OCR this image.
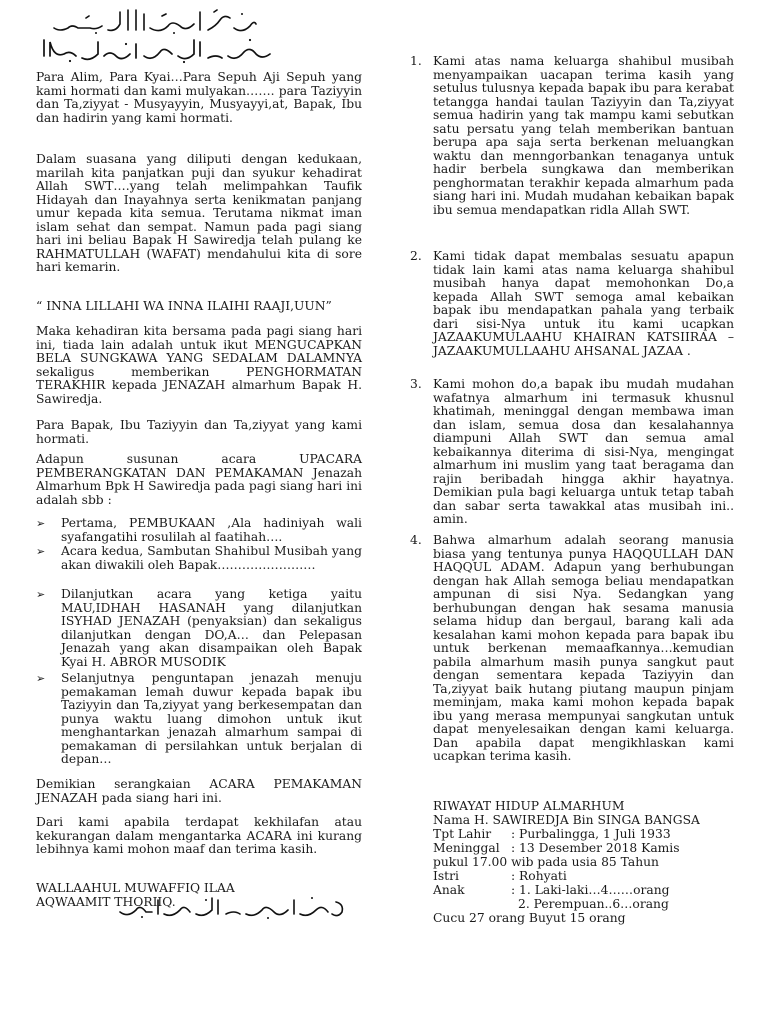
Para Alim, Para Kyai…Para Sepuh Aji Sepuh yang kami hormati dan kami mulyakan……. para Taziyyin dan Ta,ziyyat - Musyayyin, Musyayyi,at, Bapak, Ibu dan hadirin yang kami hormati.

Dalam suasana yang diliputi dengan kedukaan, marilah kita panjatkan puji dan syukur kehadirat Allah SWT….yang telah melimpahkan Taufik Hidayah dan Inayahnya serta kenikmatan panjang umur kepada kita semua. Terutama nikmat iman islam sehat dan sempat. Namun pada pagi siang hari ini beliau Bapak H Sawiredja telah pulang ke RAHMATULLAH (WAFAT) mendahului kita di sore hari kemarin.

“ INNA LILLAHI WA INNA ILAIHI RAAJI,UUN”

Maka kehadiran kita bersama pada pagi siang hari ini, tiada lain adalah untuk ikut MENGUCAPKAN BELA SUNGKAWA YANG SEDALAM DALAMNYA sekaligus memberikan PENGHORMATAN TERAKHIR kepada JENAZAH almarhum Bapak H. Sawiredja.

Para Bapak, Ibu Taziyyin dan Ta,ziyyat yang kami hormati.

Adapun susunan acara UPACARA PEMBERANGKATAN DAN PEMAKAMAN Jenazah Almarhum Bpk H Sawiredja pada pagi siang hari ini adalah sbb :

➢ Pertama, PEMBUKAAN ,Ala hadiniyah wali syafangatihi rosulilah al faatihah….

➢ Acara kedua, Sambutan Shahibul Musibah yang akan diwakili oleh Bapak……………………

➢ Dilanjutkan acara yang ketiga yaitu MAU,IDHAH HASANAH yang dilanjutkan ISYHAD JENAZAH (penyaksian) dan sekaligus dilanjutkan dengan DO,A… dan Pelepasan Jenazah yang akan disampaikan oleh Bapak Kyai H. ABROR MUSODIK

➢ Selanjutnya penguntapan jenazah menuju pemakaman lemah duwur kepada bapak ibu Taziyyin dan Ta,ziyyat yang berkesempatan dan punya waktu luang dimohon untuk ikut menghantarkan jenazah almarhum sampai di pemakaman di persilahkan untuk berjalan di depan…

Demikian serangkaian ACARA PEMAKAMAN JENAZAH pada siang hari ini.

Dari kami apabila terdapat kekhilafan atau kekurangan dalam mengantarka ACARA ini kurang lebihnya kami mohon maaf dan terima kasih.

WALLAAHUL MUWAFFIQ ILAA AQWAAMIT THORIIQ.

1. Kami atas nama keluarga shahibul musibah menyampaikan uacapan terima kasih yang setulus tulusnya kepada bapak ibu para kerabat tetangga handai taulan Taziyyin dan Ta,ziyyat semua hadirin yang tak mampu kami sebutkan satu persatu yang telah memberikan bantuan berupa apa saja serta berkenan meluangkan waktu dan menngorbankan tenaganya untuk hadir berbela sungkawa dan memberikan penghormatan terakhir kepada almarhum pada siang hari ini. Mudah mudahan kebaikan bapak ibu semua mendapatkan ridla Allah SWT.

2. Kami tidak dapat membalas sesuatu apapun tidak lain kami atas nama keluarga shahibul musibah hanya dapat memohonkan Do,a kepada Allah SWT semoga amal kebaikan bapak ibu mendapatkan pahala yang terbaik dari sisi-Nya untuk itu kami ucapkan JAZAAKUMULAAHU KHAIRAN KATSIIRAA – JAZAAKUMULLAAHU AHSANAL JAZAA .

3. Kami mohon do,a bapak ibu mudah mudahan wafatnya almarhum ini termasuk khusnul khatimah, meninggal dengan membawa iman dan islam, semua dosa dan kesalahannya diampuni Allah SWT dan semua amal kebaikannya diterima di sisi-Nya, mengingat almarhum ini muslim yang taat beragama dan rajin beribadah hingga akhir hayatnya. Demikian pula bagi keluarga untuk tetap tabah dan sabar serta tawakkal atas musibah ini.. amin.

4. Bahwa almarhum adalah seorang manusia biasa yang tentunya punya HAQQULLAH DAN HAQQUL ADAM. Adapun yang berhubungan dengan hak Allah semoga beliau mendapatkan ampunan di sisi Nya. Sedangkan yang berhubungan dengan hak sesama manusia selama hidup dan bergaul, barang kali ada kesalahan kami mohon kepada para bapak ibu untuk berkenan memaafkannya…kemudian pabila almarhum masih punya sangkut paut dengan sementara kepada Taziyyin dan Ta,ziyyat baik hutang piutang maupun pinjam meminjam, maka kami mohon kepada bapak ibu yang merasa mempunyai sangkutan untuk dapat menyelesaikan dengan kami keluarga. Dan apabila dapat mengikhlaskan kami ucapkan terima kasih.

RIWAYAT HIDUP ALMARHUM
Nama H. SAWIREDJA Bin SINGA BANGSA
Tpt Lahir : Purbalingga, 1 Juli 1933
Meninggal : 13 Desember 2018 Kamis
pukul 17.00 wib pada usia 85 Tahun
Istri	: Rohyati
Anak	: 1. Laki-laki…4……orang
2. Perempuan..6…orang
Cucu 27 orang Buyut 15 orang
